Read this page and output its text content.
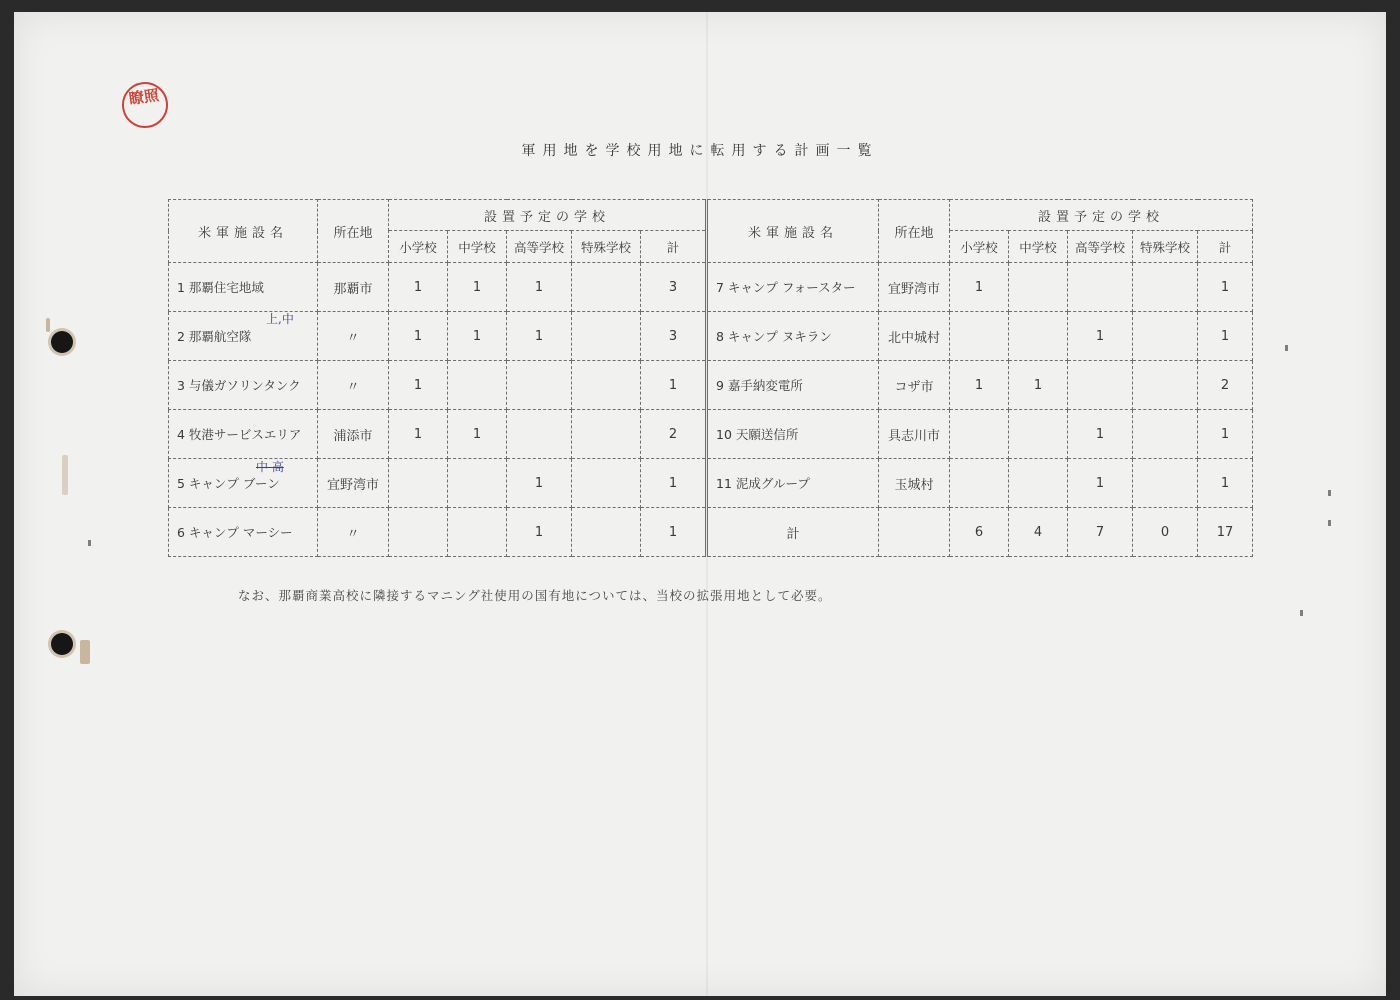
瞭照
軍用地を学校用地に転用する計画一覧
米軍施設名	所在地	設置予定の学校					米軍施設名	所在地	設置予定の学校				
		小学校	中学校	高等学校	特殊学校	計			小学校	中学校	高等学校	特殊学校	計
1 那覇住宅地域	那覇市	1	1	1		3	7 キャンプ フォースター	宜野湾市	1				1
2 那覇航空隊	〃	1	1	1		3	8 キャンプ ヌキラン	北中城村			1		1
3 与儀ガソリンタンク	〃	1				1	9 嘉手納変電所	コザ市	1	1			2
4 牧港サービスエリア	浦添市	1	1			2	10 天願送信所	具志川市			1		1
5 キャンプ ブーン	宜野湾市			1		1	11 泥成グループ	玉城村			1		1
6 キャンプ マーシー	〃			1		1	計		6	4	7	0	17
上,中
中 高
なお、那覇商業高校に隣接するマニング社使用の国有地については、当校の拡張用地として必要。
